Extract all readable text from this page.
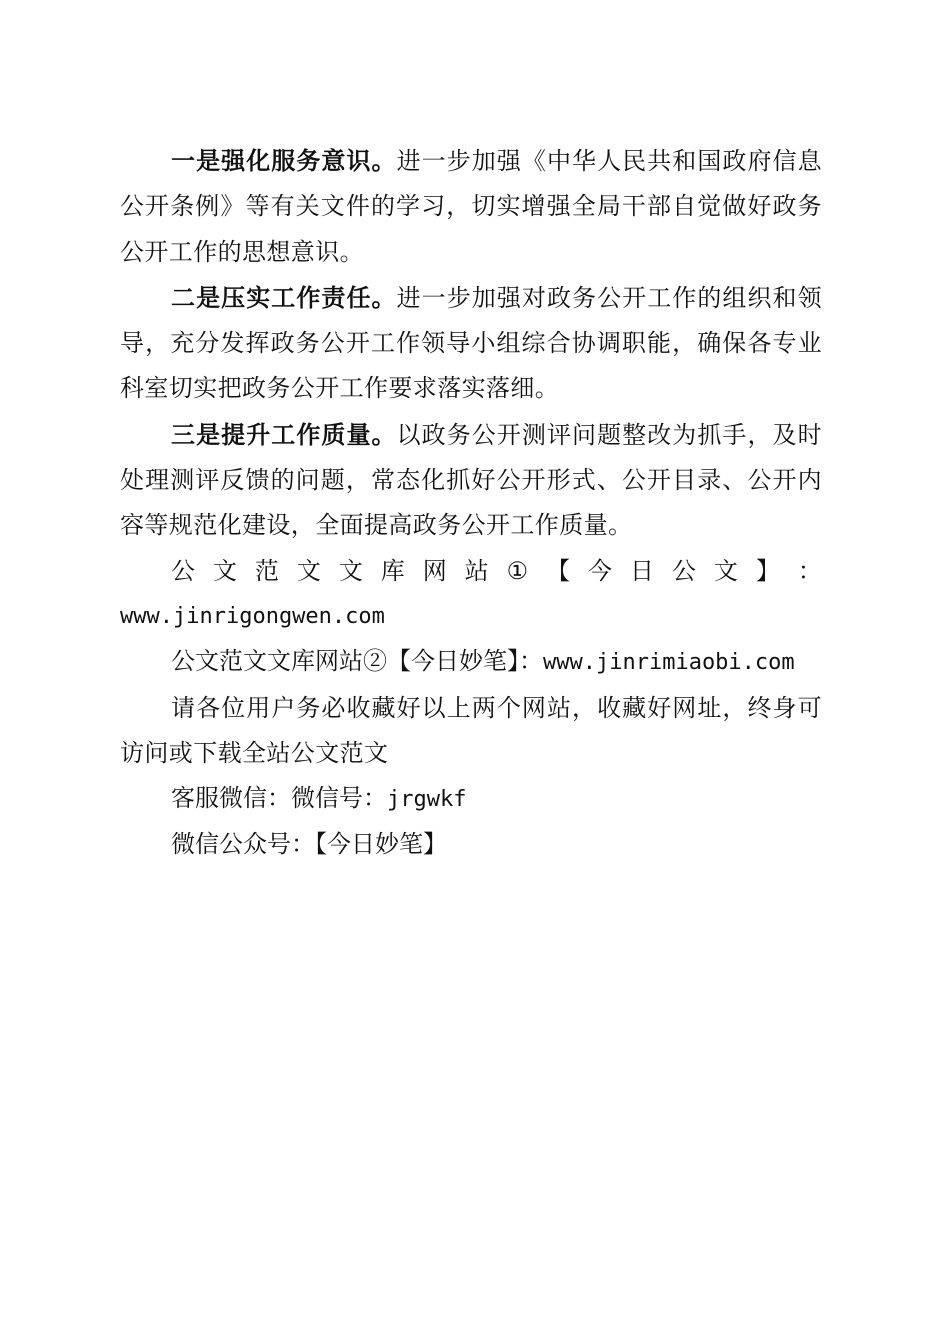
一是强化服务意识。进一步加强《中华人民共和国政府信息公开条例》等有关文件的学习，切实增强全局干部自觉做好政务公开工作的思想意识。

二是压实工作责任。进一步加强对政务公开工作的组织和领导，充分发挥政务公开工作领导小组综合协调职能，确保各专业科室切实把政务公开工作要求落实落细。

三是提升工作质量。以政务公开测评问题整改为抓手，及时处理测评反馈的问题，常态化抓好公开形式、公开目录、公开内容等规范化建设，全面提高政务公开工作质量。

公 文 范 文 文 库 网 站 ① 【 今 日 公 文 】 ：

www.jinrigongwen.com

公文范文文库网站②【今日妙笔】：www.jinrimiaobi.com

请各位用户务必收藏好以上两个网站，收藏好网址，终身可访问或下载全站公文范文

客服微信：微信号：jrgwkf

微信公众号：【今日妙笔】
